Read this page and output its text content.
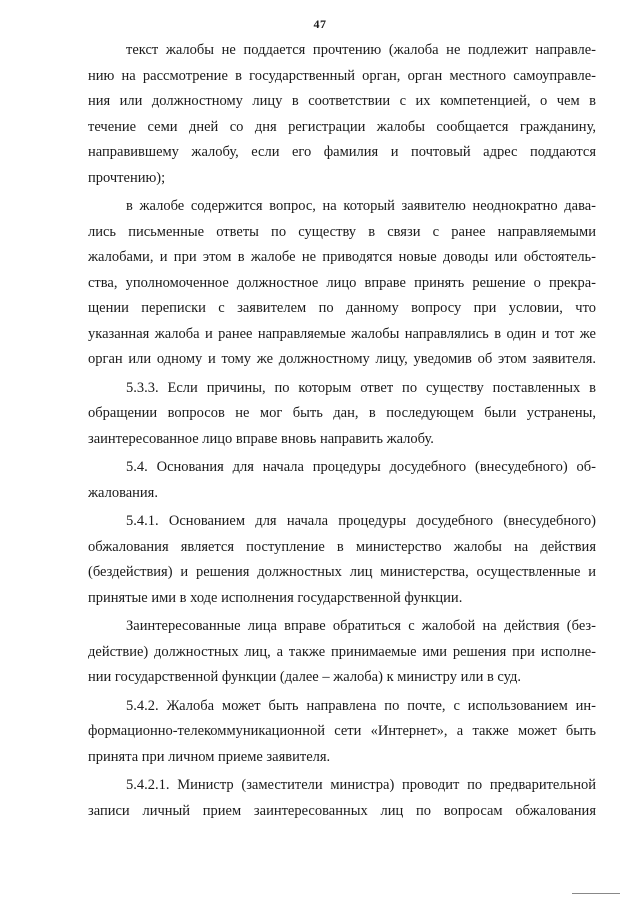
47
текст жалобы не поддается прочтению (жалоба не подлежит направле-
нию на рассмотрение в государственный орган, орган местного самоуправле-
ния или должностному лицу в соответствии с их компетенцией, о чем в
течение семи дней со дня регистрации жалобы сообщается гражданину,
направившему жалобу, если его фамилия и почтовый адрес поддаются
прочтению);
в жалобе содержится вопрос, на который заявителю неоднократно дава-
лись письменные ответы по существу в связи с ранее направляемыми
жалобами, и при этом в жалобе не приводятся новые доводы или обстоятель-
ства, уполномоченное должностное лицо вправе принять решение о прекра-
щении переписки с заявителем по данному вопросу при условии, что
указанная жалоба и ранее направляемые жалобы направлялись в один и тот же
орган или одному и тому же должностному лицу, уведомив об этом заявителя.
5.3.3. Если причины, по которым ответ по существу поставленных в
обращении вопросов не мог быть дан, в последующем были устранены,
заинтересованное лицо вправе вновь направить жалобу.
5.4. Основания для начала процедуры досудебного (внесудебного) об-
жалования.
5.4.1. Основанием для начала процедуры досудебного (внесудебного)
обжалования является поступление в министерство жалобы на действия
(бездействия) и решения должностных лиц министерства, осуществленные и
принятые ими в ходе исполнения государственной функции.
Заинтересованные лица вправе обратиться с жалобой на действия (без-
действие) должностных лиц, а также принимаемые ими решения при исполне-
нии государственной функции (далее – жалоба) к министру или в суд.
5.4.2. Жалоба может быть направлена по почте, с использованием ин-
формационно-телекоммуникационной сети «Интернет», а также может быть
принята при личном приеме заявителя.
5.4.2.1. Министр (заместители министра) проводит по предварительной
записи личный прием заинтересованных лиц по вопросам обжалования
